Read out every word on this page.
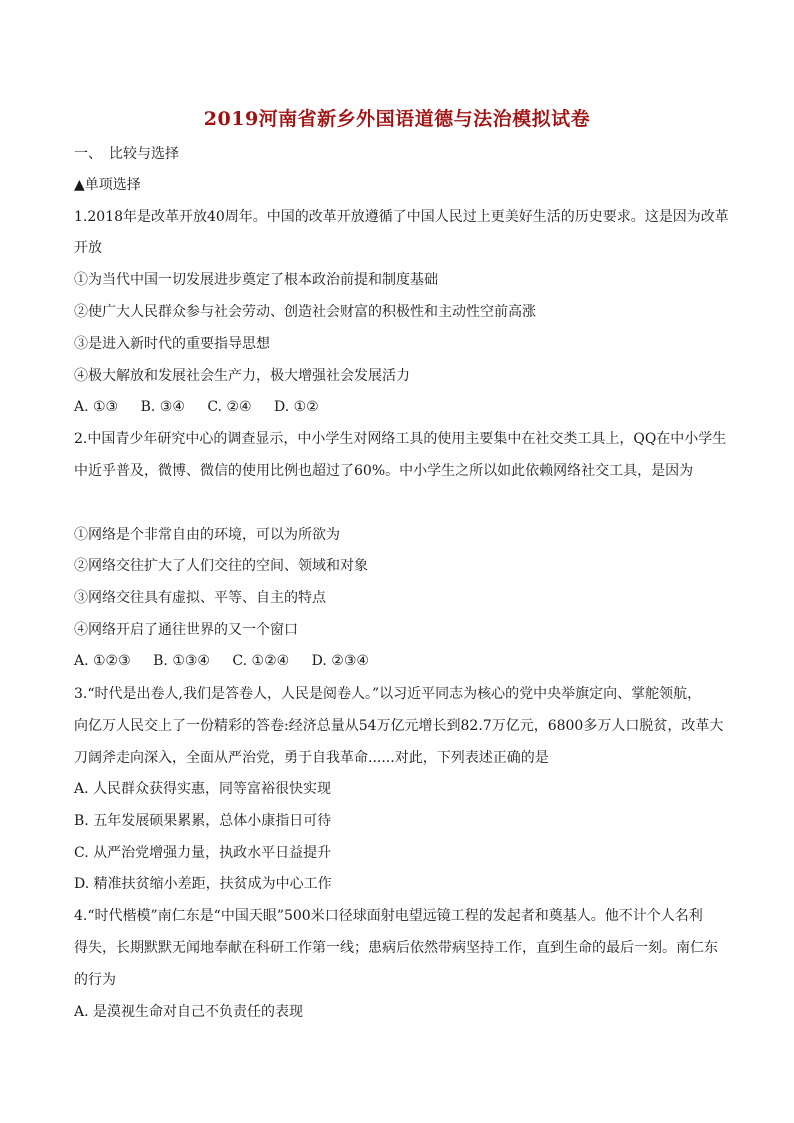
2019河南省新乡外国语道德与法治模拟试卷
一、　比较与选择
▲单项选择
1.2018年是改革开放40周年。中国的改革开放遵循了中国人民过上更美好生活的历史要求。这是因为改革
开放
①为当代中国一切发展进步奠定了根本政治前提和制度基础
②使广大人民群众参与社会劳动、创造社会财富的积极性和主动性空前高涨
③是进入新时代的重要指导思想
④极大解放和发展社会生产力，极大增强社会发展活力
A. ①③ B. ③④ C. ②④ D. ①②
2.中国青少年研究中心的调查显示，中小学生对网络工具的使用主要集中在社交类工具上，QQ在中小学生
中近乎普及，微博、微信的使用比例也超过了60%。中小学生之所以如此依赖网络社交工具，是因为
①网络是个非常自由的环境，可以为所欲为
②网络交往扩大了人们交往的空间、领域和对象
③网络交往具有虚拟、平等、自主的特点
④网络开启了通往世界的又一个窗口
A. ①②③ B. ①③④ C. ①②④ D. ②③④
3.“时代是出卷人,我们是答卷人，人民是阅卷人。”以习近平同志为核心的党中央举旗定向、掌舵领航，
向亿万人民交上了一份精彩的答卷:经济总量从54万亿元增长到82.7万亿元，6800多万人口脱贫，改革大
刀阔斧走向深入，全面从严治党，勇于自我革命......对此，下列表述正确的是
A. 人民群众获得实惠，同等富裕很快实现
B. 五年发展硕果累累，总体小康指日可待
C. 从严治党增强力量，执政水平日益提升
D. 精准扶贫缩小差距，扶贫成为中心工作
4.“时代楷模”南仁东是“中国天眼”500米口径球面射电望远镜工程的发起者和奠基人。他不计个人名利
得失，长期默默无闻地奉献在科研工作第一线；患病后依然带病坚持工作，直到生命的最后一刻。南仁东
的行为
A. 是漠视生命对自己不负责任的表现
